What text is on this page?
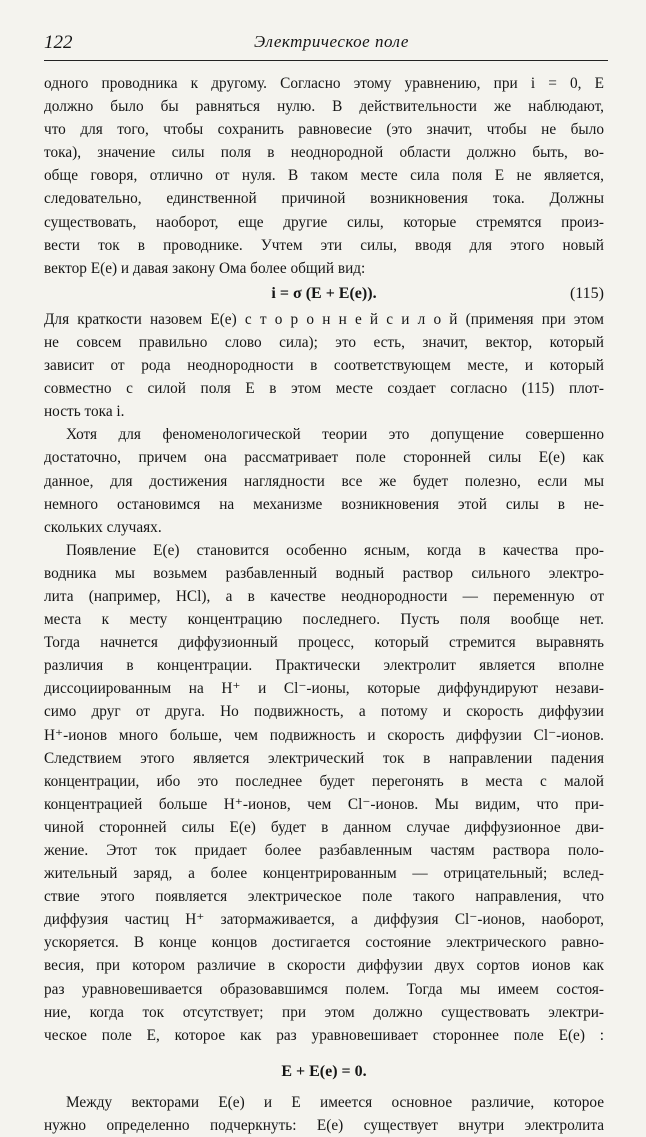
122	Электрическое поле
одного проводника к другому. Согласно этому уравнению, при i = 0, E
должно было бы равняться нулю. В действительности же наблюдают,
что для того, чтобы сохранить равновесие (это значит, чтобы не было
тока), значение силы поля в неоднородной области должно быть, во-
обще говоря, отлично от нуля. В таком месте сила поля E не является,
следовательно, единственной причиной возникновения тока. Должны
существовать, наоборот, еще другие силы, которые стремятся произ-
вести ток в проводнике. Учтем эти силы, вводя для этого новый
вектор E(e) и давая закону Ома более общий вид:
i = σ (E + E(e)).	(115)
Для краткости назовем E(e) с т о р о н н е й с и л о й (применяя при этом
не совсем правильно слово сила); это есть, значит, вектор, который
зависит от рода неоднородности в соответствующем месте, и который
совместно с силой поля E в этом месте создает согласно (115) плот-
ность тока i.
Хотя для феноменологической теории это допущение совершенно
достаточно, причем она рассматривает поле сторонней силы E(e) как
данное, для достижения наглядности все же будет полезно, если мы
немного остановимся на механизме возникновения этой силы в не-
скольких случаях.
Появление E(e) становится особенно ясным, когда в качества про-
водника мы возьмем разбавленный водный раствор сильного электро-
лита (например, HCl), а в качестве неоднородности — переменную от
места к месту концентрацию последнего. Пусть поля вообще нет.
Тогда начнется диффузионный процесс, который стремится выравнять
различия в концентрации. Практически электролит является вполне
диссоциированным на H⁺ и Cl⁻-ионы, которые диффундируют незави-
симо друг от друга. Но подвижность, а потому и скорость диффузии
H⁺-ионов много больше, чем подвижность и скорость диффузии Cl⁻-ионов.
Следствием этого является электрический ток в направлении падения
концентрации, ибо это последнее будет перегонять в места с малой
концентрацией больше H⁺-ионов, чем Cl⁻-ионов. Мы видим, что при-
чиной сторонней силы E(e) будет в данном случае диффузионное дви-
жение. Этот ток придает более разбавленным частям раствора поло-
жительный заряд, а более концентрированным — отрицательный; вслед-
ствие этого появляется электрическое поле такого направления, что
диффузия частиц H⁺ затормаживается, а диффузия Cl⁻-ионов, наоборот,
ускоряется. В конце концов достигается состояние электрического равно-
весия, при котором различие в скорости диффузии двух сортов ионов как
раз уравновешивается образовавшимся полем. Тогда мы имеем состоя-
ние, когда ток отсутствует; при этом должно существовать электри-
ческое поле E, которое как раз уравновешивает стороннее поле E(e) :
E + E(e) = 0.
Между векторами E(e) и E имеется основное различие, которое
нужно определенно подчеркнуть: E(e) существует внутри электролита
